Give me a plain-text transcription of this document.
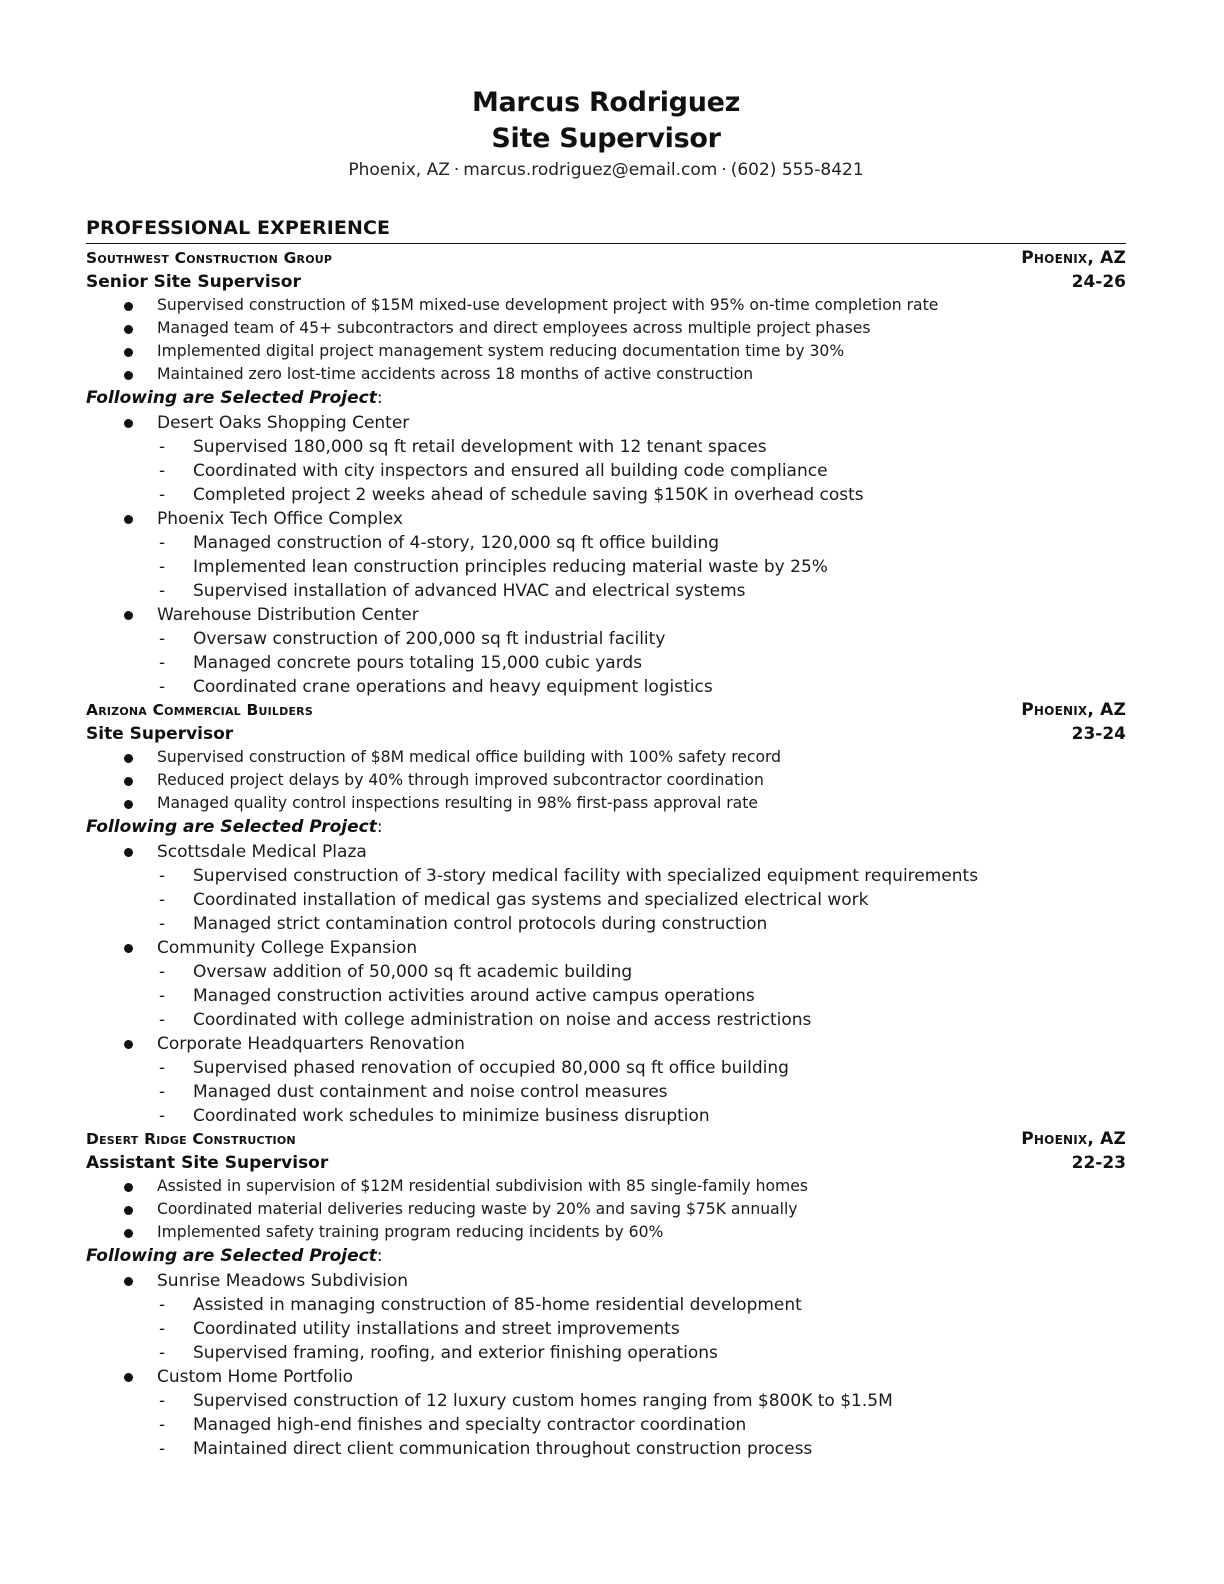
Marcus Rodriguez
Site Supervisor
Phoenix, AZ · marcus.rodriguez@email.com · (602) 555-8421
PROFESSIONAL EXPERIENCE
Southwest Construction Group	Phoenix, AZ
Senior Site Supervisor	24-26
Supervised construction of $15M mixed-use development project with 95% on-time completion rate
Managed team of 45+ subcontractors and direct employees across multiple project phases
Implemented digital project management system reducing documentation time by 30%
Maintained zero lost-time accidents across 18 months of active construction
Following are Selected Project:
Desert Oaks Shopping Center
- Supervised 180,000 sq ft retail development with 12 tenant spaces
- Coordinated with city inspectors and ensured all building code compliance
- Completed project 2 weeks ahead of schedule saving $150K in overhead costs
Phoenix Tech Office Complex
- Managed construction of 4-story, 120,000 sq ft office building
- Implemented lean construction principles reducing material waste by 25%
- Supervised installation of advanced HVAC and electrical systems
Warehouse Distribution Center
- Oversaw construction of 200,000 sq ft industrial facility
- Managed concrete pours totaling 15,000 cubic yards
- Coordinated crane operations and heavy equipment logistics
Arizona Commercial Builders	Phoenix, AZ
Site Supervisor	23-24
Supervised construction of $8M medical office building with 100% safety record
Reduced project delays by 40% through improved subcontractor coordination
Managed quality control inspections resulting in 98% first-pass approval rate
Following are Selected Project:
Scottsdale Medical Plaza
- Supervised construction of 3-story medical facility with specialized equipment requirements
- Coordinated installation of medical gas systems and specialized electrical work
- Managed strict contamination control protocols during construction
Community College Expansion
- Oversaw addition of 50,000 sq ft academic building
- Managed construction activities around active campus operations
- Coordinated with college administration on noise and access restrictions
Corporate Headquarters Renovation
- Supervised phased renovation of occupied 80,000 sq ft office building
- Managed dust containment and noise control measures
- Coordinated work schedules to minimize business disruption
Desert Ridge Construction	Phoenix, AZ
Assistant Site Supervisor	22-23
Assisted in supervision of $12M residential subdivision with 85 single-family homes
Coordinated material deliveries reducing waste by 20% and saving $75K annually
Implemented safety training program reducing incidents by 60%
Following are Selected Project:
Sunrise Meadows Subdivision
- Assisted in managing construction of 85-home residential development
- Coordinated utility installations and street improvements
- Supervised framing, roofing, and exterior finishing operations
Custom Home Portfolio
- Supervised construction of 12 luxury custom homes ranging from $800K to $1.5M
- Managed high-end finishes and specialty contractor coordination
- Maintained direct client communication throughout construction process
